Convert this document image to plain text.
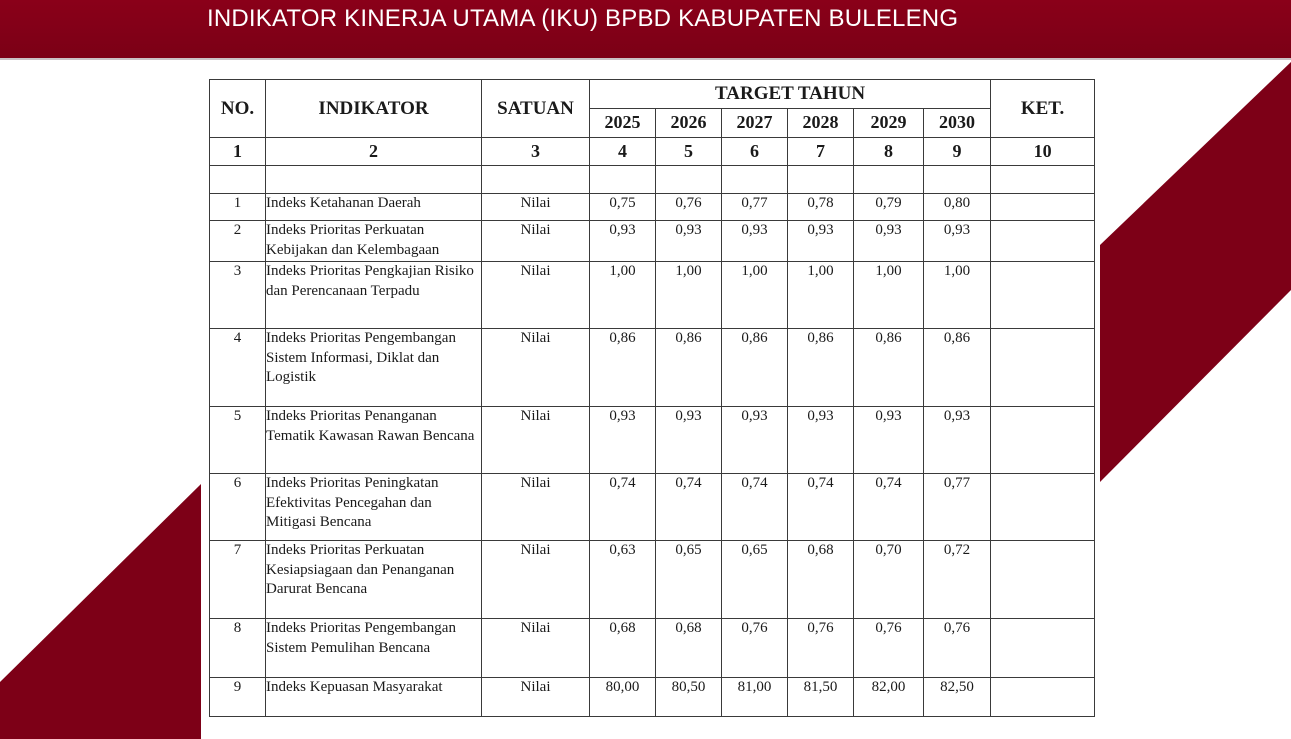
INDIKATOR KINERJA UTAMA (IKU) BPBD KABUPATEN BULELENG
NO.	INDIKATOR	SATUAN	TARGET TAHUN						KET.
			2025	2026	2027	2028	2029	2030	
1	2	3	4	5	6	7	8	9	10

1	Indeks Ketahanan Daerah	Nilai	0,75	0,76	0,77	0,78	0,79	0,80	
2	Indeks Prioritas Perkuatan Kebijakan dan Kelembagaan	Nilai	0,93	0,93	0,93	0,93	0,93	0,93	
3	Indeks Prioritas Pengkajian Risiko dan Perencanaan Terpadu	Nilai	1,00	1,00	1,00	1,00	1,00	1,00	
4	Indeks Prioritas Pengembangan Sistem Informasi, Diklat dan Logistik	Nilai	0,86	0,86	0,86	0,86	0,86	0,86	
5	Indeks Prioritas Penanganan Tematik Kawasan Rawan Bencana	Nilai	0,93	0,93	0,93	0,93	0,93	0,93	
6	Indeks Prioritas Peningkatan Efektivitas Pencegahan dan Mitigasi Bencana	Nilai	0,74	0,74	0,74	0,74	0,74	0,77	
7	Indeks Prioritas Perkuatan Kesiapsiagaan dan Penanganan Darurat Bencana	Nilai	0,63	0,65	0,65	0,68	0,70	0,72	
8	Indeks Prioritas Pengembangan Sistem Pemulihan Bencana	Nilai	0,68	0,68	0,76	0,76	0,76	0,76	
9	Indeks Kepuasan Masyarakat	Nilai	80,00	80,50	81,00	81,50	82,00	82,50	
